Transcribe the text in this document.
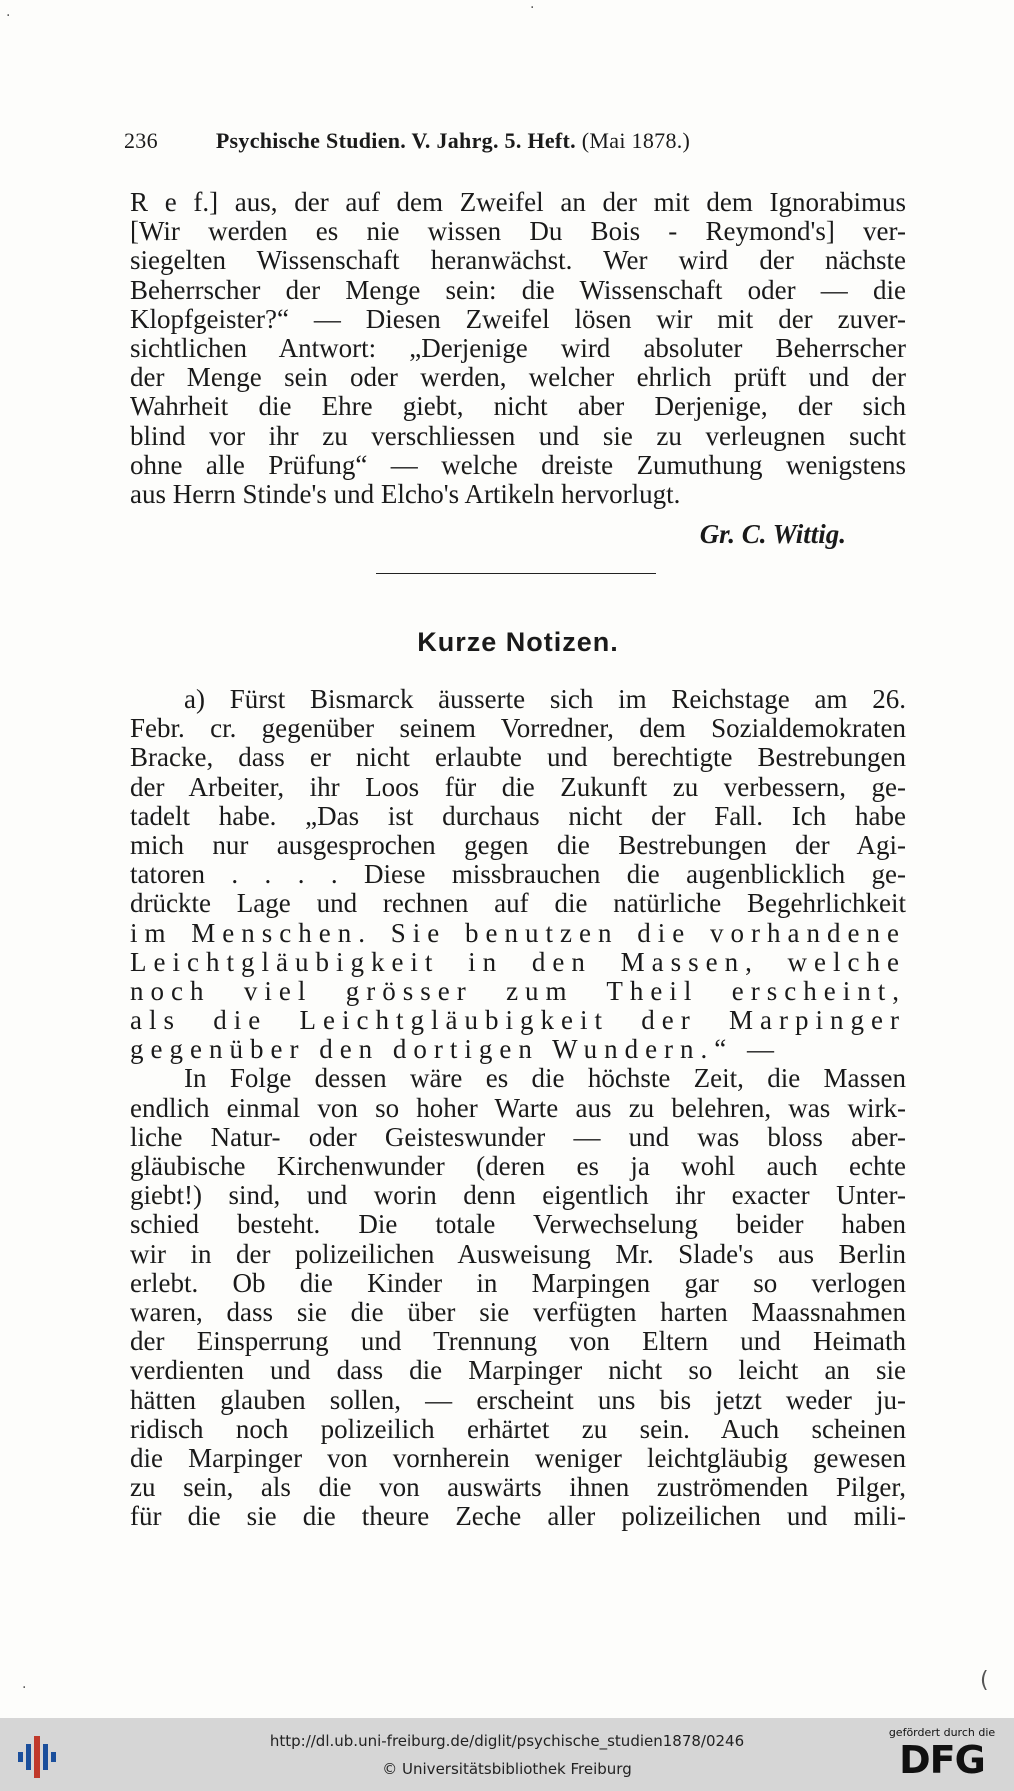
·	·
236	Psychische Studien. V. Jahrg. 5. Heft. (Mai 1878.)
R e f.] aus, der auf dem Zweifel an der mit dem Ignorabimus
[Wir werden es nie wissen Du Bois - Reymond's] ver-
siegelten Wissenschaft heranwächst. Wer wird der nächste
Beherrscher der Menge sein: die Wissenschaft oder — die
Klopfgeister?“ — Diesen Zweifel lösen wir mit der zuver-
sichtlichen Antwort: „Derjenige wird absoluter Beherrscher
der Menge sein oder werden, welcher ehrlich prüft und der
Wahrheit die Ehre giebt, nicht aber Derjenige, der sich
blind vor ihr zu verschliessen und sie zu verleugnen sucht
ohne alle Prüfung“ — welche dreiste Zumuthung wenigstens
aus Herrn Stinde's und Elcho's Artikeln hervorlugt.
Gr. C. Wittig.
Kurze Notizen.
a) Fürst Bismarck äusserte sich im Reichstage am 26.
Febr. cr. gegenüber seinem Vorredner, dem Sozialdemokraten
Bracke, dass er nicht erlaubte und berechtigte Bestrebungen
der Arbeiter, ihr Loos für die Zukunft zu verbessern, ge-
tadelt habe. „Das ist durchaus nicht der Fall. Ich habe
mich nur ausgesprochen gegen die Bestrebungen der Agi-
tatoren . . . . Diese missbrauchen die augenblicklich ge-
drückte Lage und rechnen auf die natürliche Begehrlichkeit
im Menschen. Sie benutzen die vorhandene
Leichtgläubigkeit in den Massen, welche
noch viel grösser zum Theil erscheint,
als die Leichtgläubigkeit der Marpinger
gegenüber den dortigen Wundern.“ —
In Folge dessen wäre es die höchste Zeit, die Massen
endlich einmal von so hoher Warte aus zu belehren, was wirk-
liche Natur- oder Geisteswunder — und was bloss aber-
gläubische Kirchenwunder (deren es ja wohl auch echte
giebt!) sind, und worin denn eigentlich ihr exacter Unter-
schied besteht. Die totale Verwechselung beider haben
wir in der polizeilichen Ausweisung Mr. Slade's aus Berlin
erlebt. Ob die Kinder in Marpingen gar so verlogen
waren, dass sie die über sie verfügten harten Maassnahmen
der Einsperrung und Trennung von Eltern und Heimath
verdienten und dass die Marpinger nicht so leicht an sie
hätten glauben sollen, — erscheint uns bis jetzt weder ju-
ridisch noch polizeilich erhärtet zu sein. Auch scheinen
die Marpinger von vornherein weniger leichtgläubig gewesen
zu sein, als die von auswärts ihnen zuströmenden Pilger,
für die sie die theure Zeche aller polizeilichen und mili-
·	(
http://dl.ub.uni-freiburg.de/diglit/psychische_studien1878/0246
© Universitätsbibliothek Freiburg
gefördert durch die
DFG
